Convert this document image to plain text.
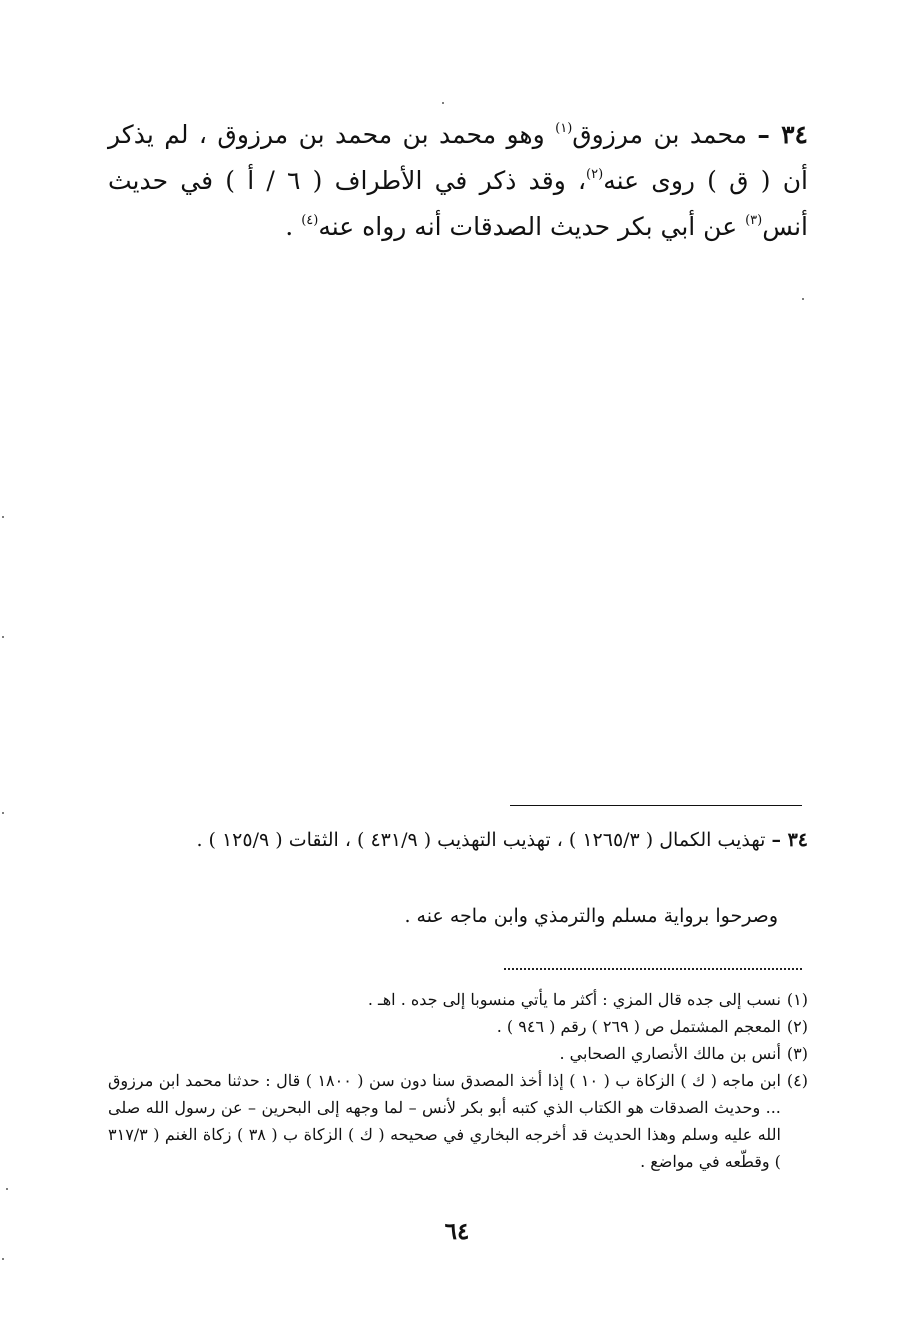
٣٤ – محمد بن مرزوق$^{(١)}$ وهو محمد بن محمد بن مرزوق ، لم يذكر أن ( ق ) روى عنه$^{(٢)}$، وقد ذكر في الأطراف ( ٦ / أ ) في حديث أنس$^{(٣)}$ عن أبي بكر حديث الصدقات أنه رواه عنه$^{(٤)}$ .
٣٤ – تهذيب الكمال ( ١٢٦٥/٣ ) ، تهذيب التهذيب ( ٤٣١/٩ ) ، الثقات ( ١٢٥/٩ ) .
وصرحوا برواية مسلم والترمذي وابن ماجه عنه .
(١)
نسب إلى جده قال المزي : أكثر ما يأتي منسوبا إلى جده . اهـ .
(٢)
المعجم المشتمل ص ( ٢٦٩ ) رقم ( ٩٤٦ ) .
(٣)
أنس بن مالك الأنصاري الصحابي .
(٤)
ابن ماجه ( ك ) الزكاة ب ( ١٠ ) إذا أخذ المصدق سنا دون سن ( ١٨٠٠ ) قال : حدثنا محمد ابن مرزوق ... وحديث الصدقات هو الكتاب الذي كتبه أبو بكر لأنس – لما وجهه إلى البحرين – عن رسول الله صلى الله عليه وسلم وهذا الحديث قد أخرجه البخاري في صحيحه ( ك ) الزكاة ب ( ٣٨ ) زكاة الغنم ( ٣١٧/٣ ) وقطّعه في مواضع .
٦٤
